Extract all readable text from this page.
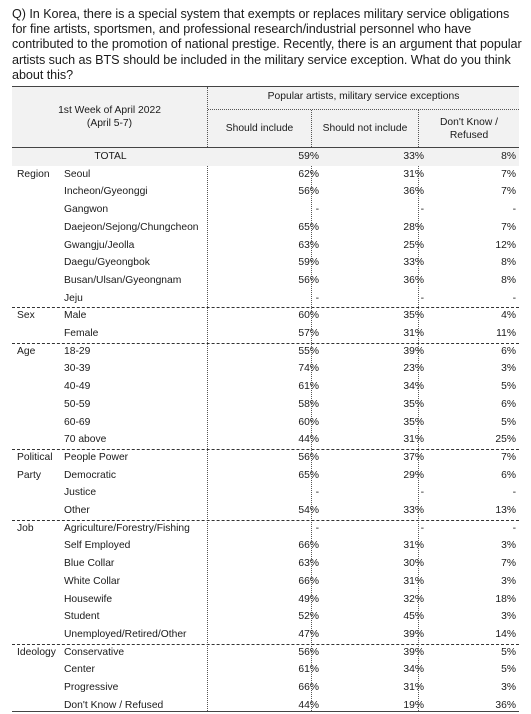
Q) In Korea, there is a special system that exempts or replaces military service obligations for fine artists, sportsmen, and professional research/industrial personnel who have contributed to the promotion of national prestige. Recently, there is an argument that popular artists such as BTS should be included in the military service exception. What do you think about this?
1st Week of April 2022
(April 5-7)
Popular artists, military service exceptions
Should include	Should not include
Don't Know /
Refused
TOTAL	59%	33%	8%
Region Seoul	62%	31%	7%
Incheon/Gyeonggi	56%	36%	7%
Gangwon	-	-	-
Daejeon/Sejong/Chungcheon	65%	28%	7%
Gwangju/Jeolla	63%	25%	12%
Daegu/Gyeongbok	59%	33%	8%
Busan/Ulsan/Gyeongnam	56%	36%	8%
Jeju	-	-	-
Sex	Male	60%	35%	4%
Female	57%	31%	11%
Age	18-29	55%	39%	6%
30-39	74%	23%	3%
40-49	61%	34%	5%
50-59	58%	35%	6%
60-69	60%	35%	5%
70 above	44%	31%	25%
Political
Party
People Power	56%	37%	7%
Democratic	65%	29%	6%
Justice	-	-	-
Other	54%	33%	13%
Job	Agriculture/Forestry/Fishing	-	-	-
Self Employed	66%	31%	3%
Blue Collar	63%	30%	7%
White Collar	66%	31%	3%
Housewife	49%	32%	18%
Student	52%	45%	3%
Unemployed/Retired/Other	47%	39%	14%
Ideology Conservative	56%	39%	5%
Center	61%	34%	5%
Progressive	66%	31%	3%
Don't Know / Refused	44%	19%	36%
